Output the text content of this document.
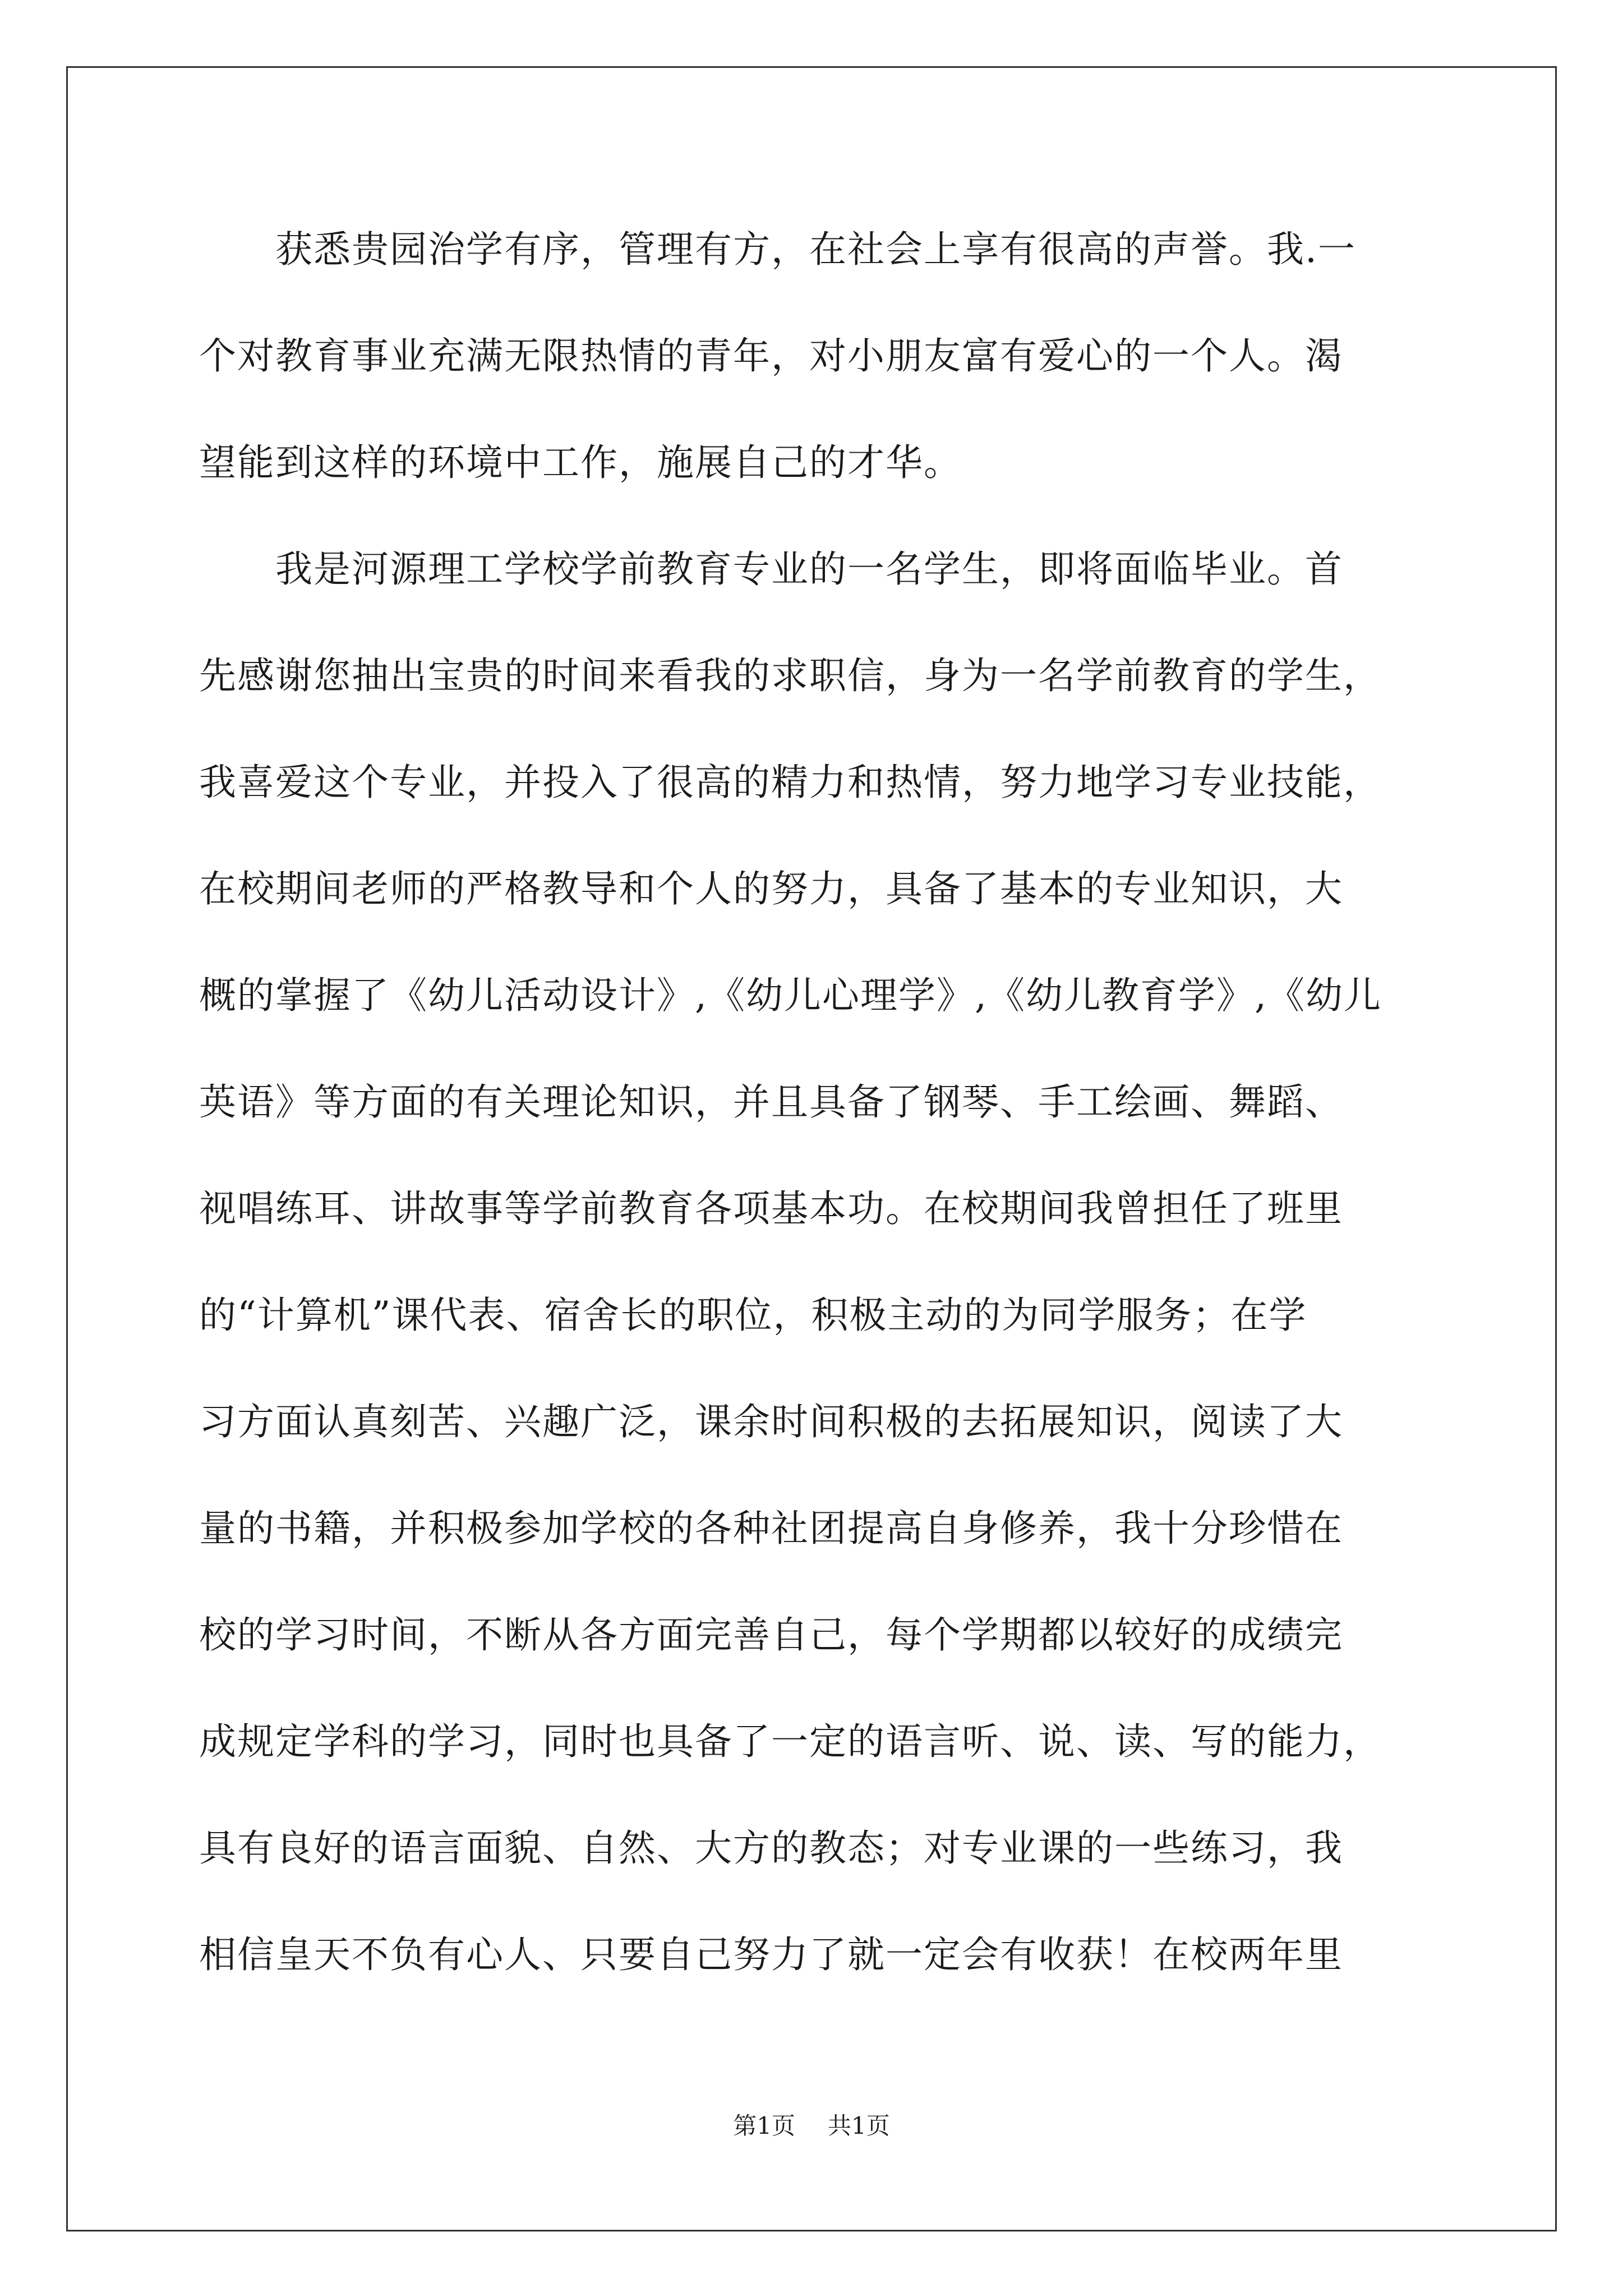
　　获悉贵园治学有序，管理有方，在社会上享有很高的声誉。我.一
个对教育事业充满无限热情的青年，对小朋友富有爱心的一个人。渴
望能到这样的环境中工作，施展自己的才华。
　　我是河源理工学校学前教育专业的一名学生，即将面临毕业。首
先感谢您抽出宝贵的时间来看我的求职信，身为一名学前教育的学生，
我喜爱这个专业，并投入了很高的精力和热情，努力地学习专业技能，
在校期间老师的严格教导和个人的努力，具备了基本的专业知识，大
概的掌握了《幼儿活动设计》,《幼儿心理学》,《幼儿教育学》,《幼儿
英语》等方面的有关理论知识，并且具备了钢琴、手工绘画、舞蹈、
视唱练耳、讲故事等学前教育各项基本功。在校期间我曾担任了班里
的“计算机”课代表、宿舍长的职位，积极主动的为同学服务；在学
习方面认真刻苦、兴趣广泛，课余时间积极的去拓展知识，阅读了大
量的书籍，并积极参加学校的各种社团提高自身修养，我十分珍惜在
校的学习时间，不断从各方面完善自己，每个学期都以较好的成绩完
成规定学科的学习，同时也具备了一定的语言听、说、读、写的能力，
具有良好的语言面貌、自然、大方的教态；对专业课的一些练习，我
相信皇天不负有心人、只要自己努力了就一定会有收获！在校两年里
第1页 共1页
